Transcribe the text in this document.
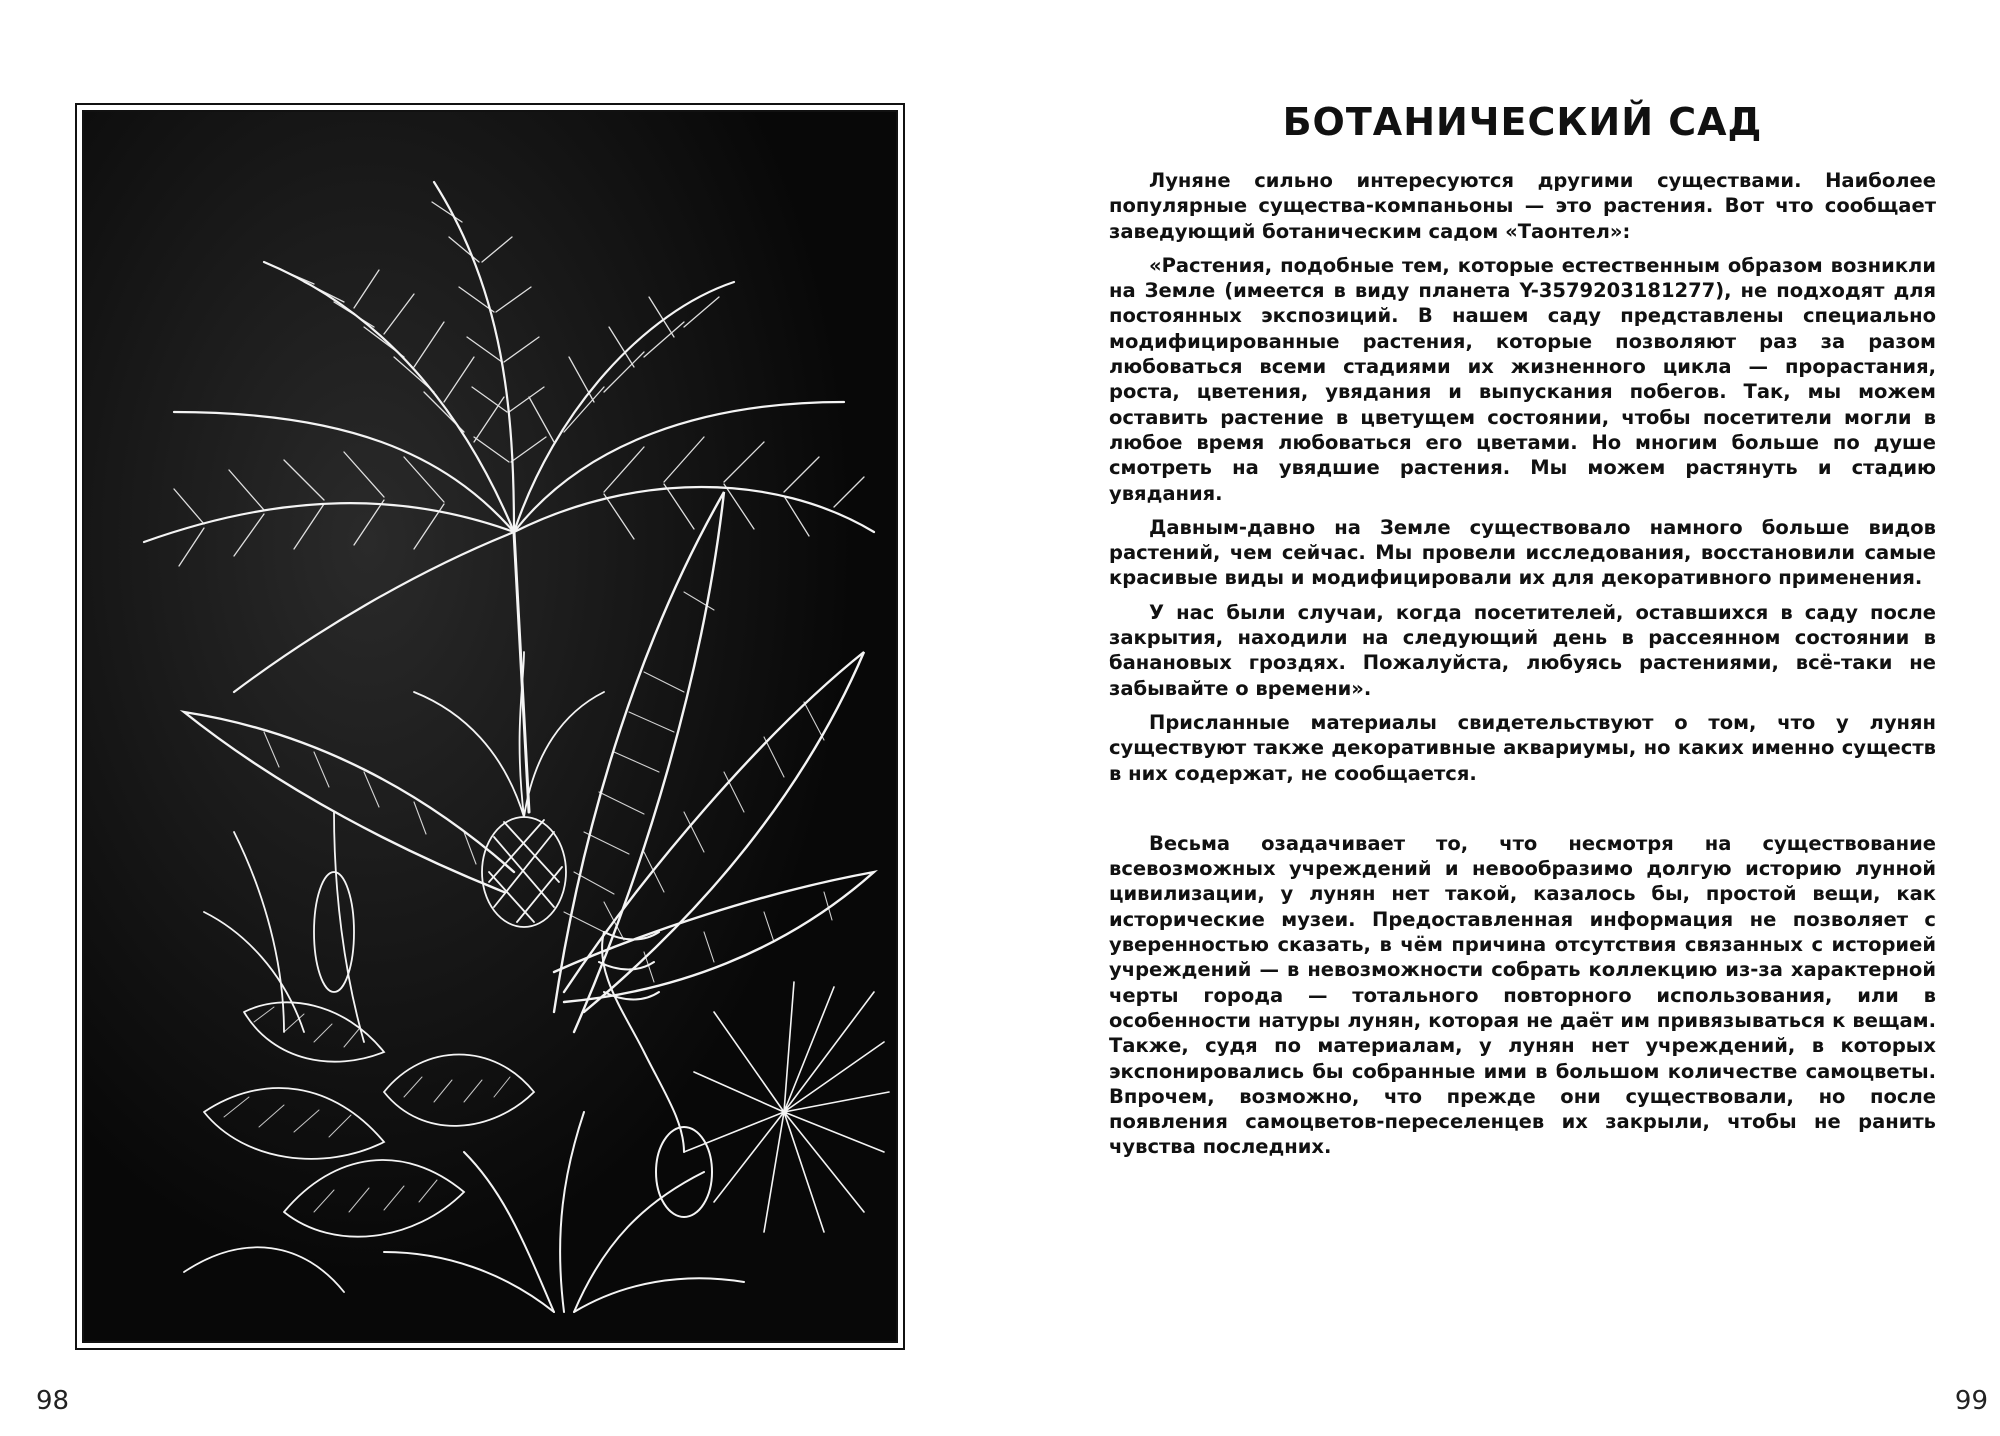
98
БОТАНИЧЕСКИЙ САД

Луняне сильно интересуются другими существами. Наиболее популярные существа-компаньоны — это растения. Вот что сообщает заведующий ботаническим садом «Таонтел»:

«Растения, подобные тем, которые естественным образом возникли на Земле (имеется в виду планета Y-3579203181277), не подходят для постоянных экспозиций. В нашем саду представлены специально модифицированные растения, которые позволяют раз за разом любоваться всеми стадиями их жизненного цикла — прорастания, роста, цветения, увядания и выпускания побегов. Так, мы можем оставить растение в цветущем состоянии, чтобы посетители могли в любое время любоваться его цветами. Но многим больше по душе смотреть на увядшие растения. Мы можем растянуть и стадию увядания.

Давным-давно на Земле существовало намного больше видов растений, чем сейчас. Мы провели исследования, восстановили самые красивые виды и модифицировали их для декоративного применения.

У нас были случаи, когда посетителей, оставшихся в саду после закрытия, находили на следующий день в рассеянном состоянии в банановых гроздях. Пожалуйста, любуясь растениями, всё-таки не забывайте о времени».

Присланные материалы свидетельствуют о том, что у лунян существуют также декоративные аквариумы, но каких именно существ в них содержат, не сообщается.

Весьма озадачивает то, что несмотря на существование всевозможных учреждений и невообразимо долгую историю лунной цивилизации, у лунян нет такой, казалось бы, простой вещи, как исторические музеи. Предоставленная информация не позволяет с уверенностью сказать, в чём причина отсутствия связанных с историей учреждений — в невозможности собрать коллекцию из-за характерной черты города — тотального повторного использования, или в особенности натуры лунян, которая не даёт им привязываться к вещам. Также, судя по материалам, у лунян нет учреждений, в которых экспонировались бы собранные ими в большом количестве самоцветы. Впрочем, возможно, что прежде они существовали, но после появления самоцветов-переселенцев их закрыли, чтобы не ранить чувства последних.

99
